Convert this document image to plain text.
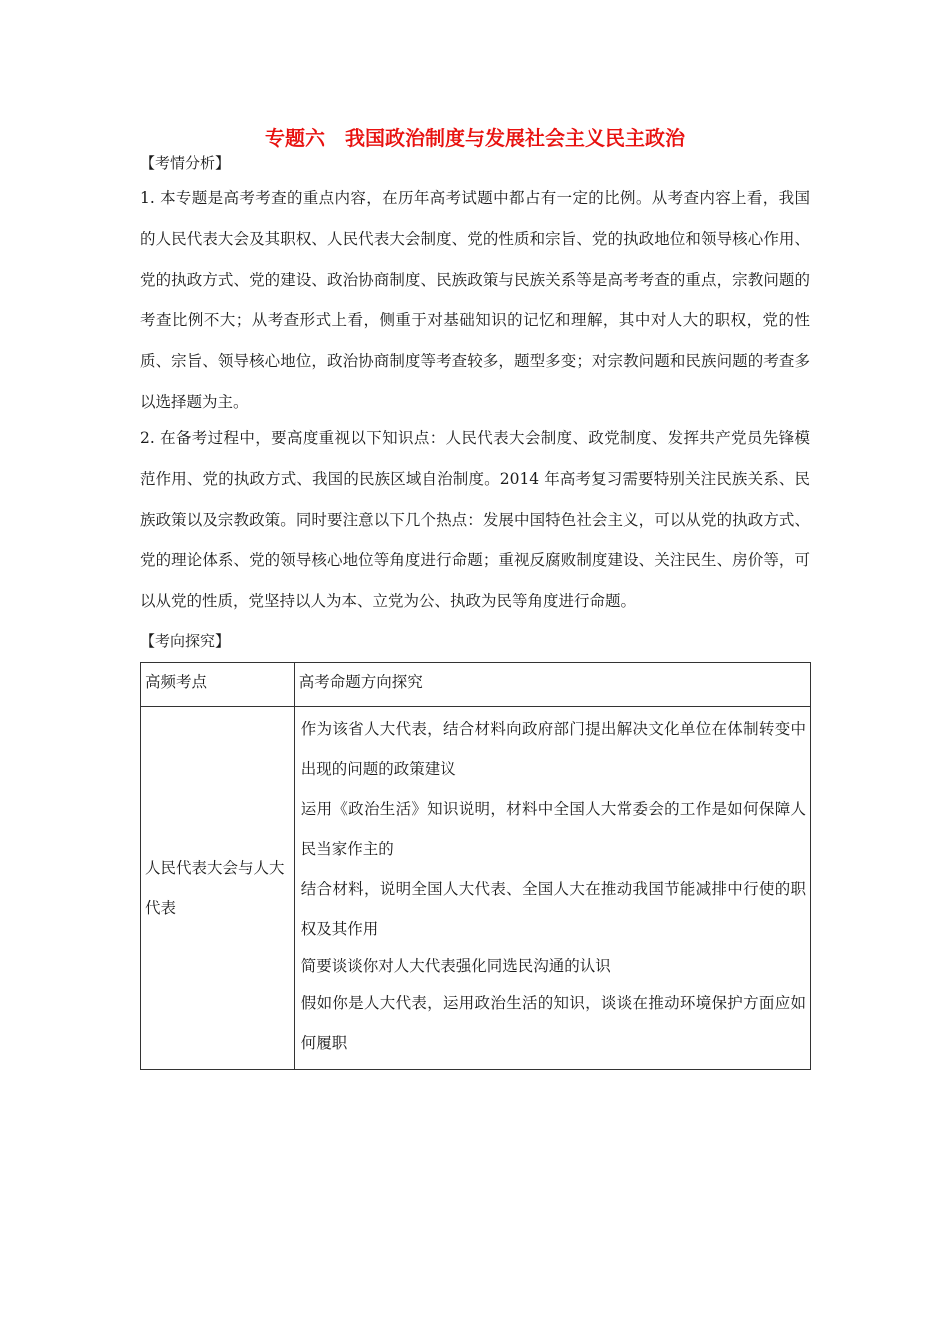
专题六　我国政治制度与发展社会主义民主政治
【考情分析】
1. 本专题是高考考查的重点内容，在历年高考试题中都占有一定的比例。从考查内容上看，我国的人民代表大会及其职权、人民代表大会制度、党的性质和宗旨、党的执政地位和领导核心作用、党的执政方式、党的建设、政治协商制度、民族政策与民族关系等是高考考查的重点，宗教问题的考查比例不大；从考查形式上看，侧重于对基础知识的记忆和理解，其中对人大的职权，党的性质、宗旨、领导核心地位，政治协商制度等考查较多，题型多变；对宗教问题和民族问题的考查多以选择题为主。
2. 在备考过程中，要高度重视以下知识点：人民代表大会制度、政党制度、发挥共产党员先锋模范作用、党的执政方式、我国的民族区域自治制度。2014 年高考复习需要特别关注民族关系、民族政策以及宗教政策。同时要注意以下几个热点：发展中国特色社会主义，可以从党的执政方式、党的理论体系、党的领导核心地位等角度进行命题；重视反腐败制度建设、关注民生、房价等，可以从党的性质，党坚持以人为本、立党为公、执政为民等角度进行命题。
【考向探究】
高频考点	高考命题方向探究

人民代表大会与人大代表	作为该省人大代表，结合材料向政府部门提出解决文化单位在体制转变中出现的问题的政策建议
运用《政治生活》知识说明，材料中全国人大常委会的工作是如何保障人民当家作主的
结合材料，说明全国人大代表、全国人大在推动我国节能减排中行使的职权及其作用
简要谈谈你对人大代表强化同选民沟通的认识
假如你是人大代表，运用政治生活的知识，谈谈在推动环境保护方面应如何履职
